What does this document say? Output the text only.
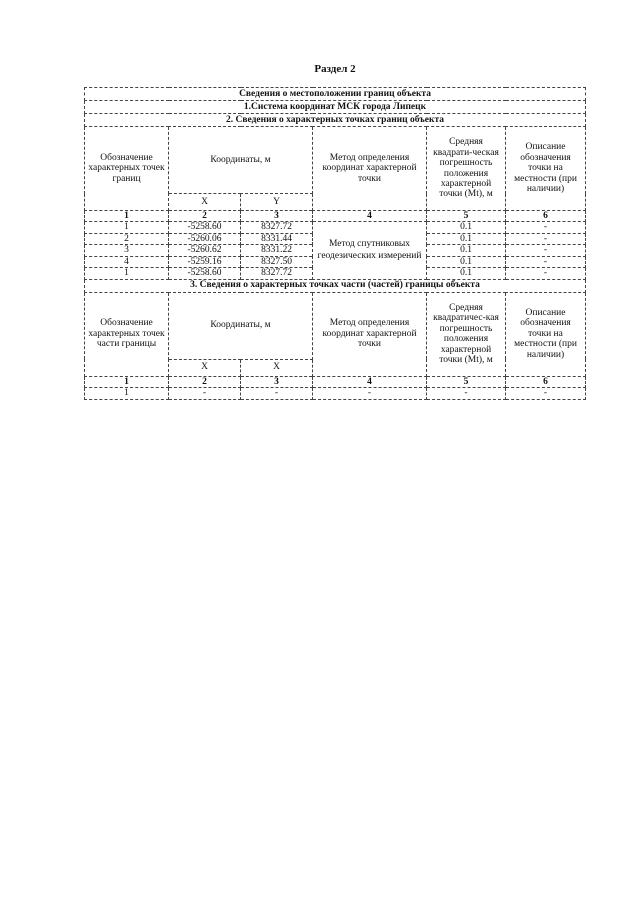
Раздел 2
Сведения о местоположении границ объекта					
1.Система координат МСК города Липецк					
2. Сведения о характерных точках границ объекта					
Обозначение характерных точек границ	Координаты, м		Метод определения координат характерной точки	Средняя квадрати-ческая погрешность положения характерной точки (Mt), м	Описание обозначения точки на местности (при наличии)
	X	Y			
1	2	3	4	5	6
1	-5258.60	8327.72	Метод спутниковых геодезических измерений	0.1	-
2	-5260.06	8331.44		0.1	-
3	-5260.62	8331.22		0.1	-
4	-5259.16	8327.50		0.1	-
1	-5258.60	8327.72		0.1	-
3. Сведения о характерных точках части (частей) границы объекта					
Обозначение характерных точек части границы	Координаты, м		Метод определения координат характерной точки	Средняя квадратичес-кая погрешность положения характерной точки (Mt), м	Описание обозначения точки на местности (при наличии)
	X	X			
1	2	3	4	5	6
1	-	-	-	-	-
